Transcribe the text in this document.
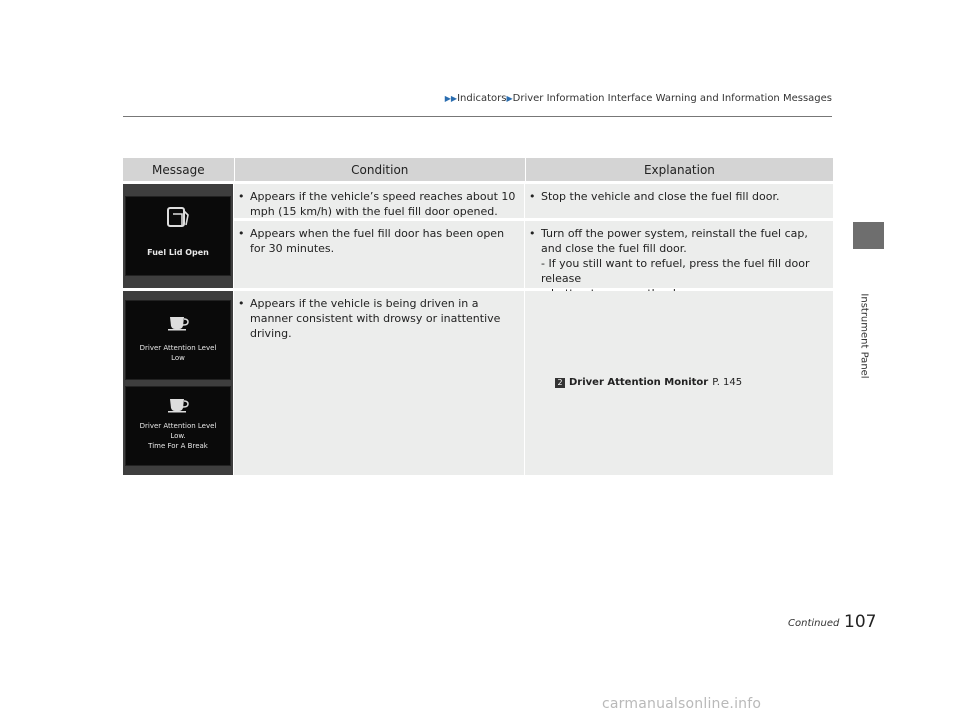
▶▶Indicators▶Driver Information Interface Warning and Information Messages
Instrument Panel
Message	Condition	Explanation
Fuel Lid Open
• Appears if the vehicle’s speed reaches about 10 mph (15 km/h) with the fuel fill door opened.
• Stop the vehicle and close the fuel fill door.
• Appears when the fuel fill door has been open for 30 minutes.
• Turn off the power system, reinstall the fuel cap, and close the fuel fill door.
- If you still want to refuel, press the fuel fill door release
Driver Attention Level
Low
Driver Attention Level
Low.
Time For A Break
• Appears if the vehicle is being driven in a manner consistent with drowsy or inattentive driving.
2 Driver Attention Monitor P. 145
Continued 107
carmanualsonline.info
